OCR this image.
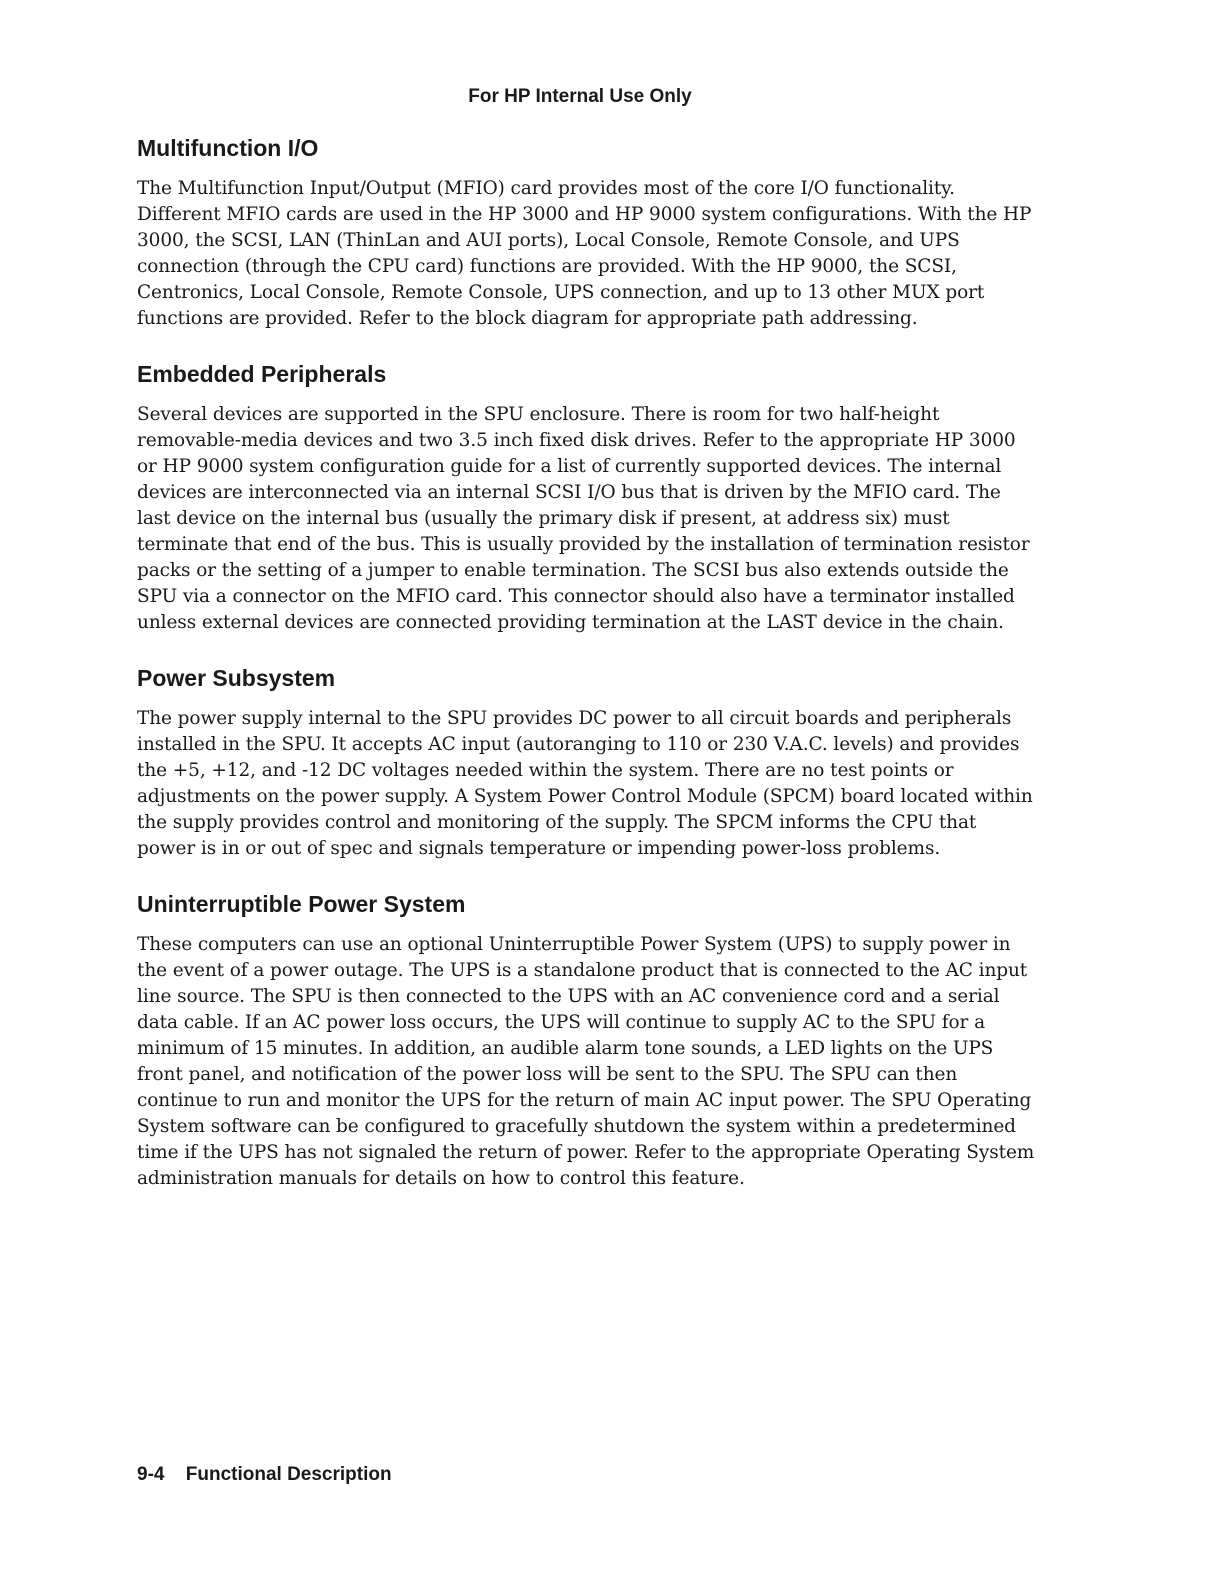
For HP Internal Use Only
Multifunction I/O

The Multifunction Input/Output (MFIO) card provides most of the core I/O functionality. Different MFIO cards are used in the HP 3000 and HP 9000 system configurations. With the HP 3000, the SCSI, LAN (ThinLan and AUI ports), Local Console, Remote Console, and UPS connection (through the CPU card) functions are provided. With the HP 9000, the SCSI, Centronics, Local Console, Remote Console, UPS connection, and up to 13 other MUX port functions are provided. Refer to the block diagram for appropriate path addressing.

Embedded Peripherals

Several devices are supported in the SPU enclosure. There is room for two half-height removable-media devices and two 3.5 inch fixed disk drives. Refer to the appropriate HP 3000 or HP 9000 system configuration guide for a list of currently supported devices. The internal devices are interconnected via an internal SCSI I/O bus that is driven by the MFIO card. The last device on the internal bus (usually the primary disk if present, at address six) must terminate that end of the bus. This is usually provided by the installation of termination resistor packs or the setting of a jumper to enable termination. The SCSI bus also extends outside the SPU via a connector on the MFIO card. This connector should also have a terminator installed unless external devices are connected providing termination at the LAST device in the chain.

Power Subsystem

The power supply internal to the SPU provides DC power to all circuit boards and peripherals installed in the SPU. It accepts AC input (autoranging to 110 or 230 V.A.C. levels) and provides the +5, +12, and -12 DC voltages needed within the system. There are no test points or adjustments on the power supply. A System Power Control Module (SPCM) board located within the supply provides control and monitoring of the supply. The SPCM informs the CPU that power is in or out of spec and signals temperature or impending power-loss problems.

Uninterruptible Power System

These computers can use an optional Uninterruptible Power System (UPS) to supply power in the event of a power outage. The UPS is a standalone product that is connected to the AC input line source. The SPU is then connected to the UPS with an AC convenience cord and a serial data cable. If an AC power loss occurs, the UPS will continue to supply AC to the SPU for a minimum of 15 minutes. In addition, an audible alarm tone sounds, a LED lights on the UPS front panel, and notification of the power loss will be sent to the SPU. The SPU can then continue to run and monitor the UPS for the return of main AC input power. The SPU Operating System software can be configured to gracefully shutdown the system within a predetermined time if the UPS has not signaled the return of power. Refer to the appropriate Operating System administration manuals for details on how to control this feature.

9-4 Functional Description
